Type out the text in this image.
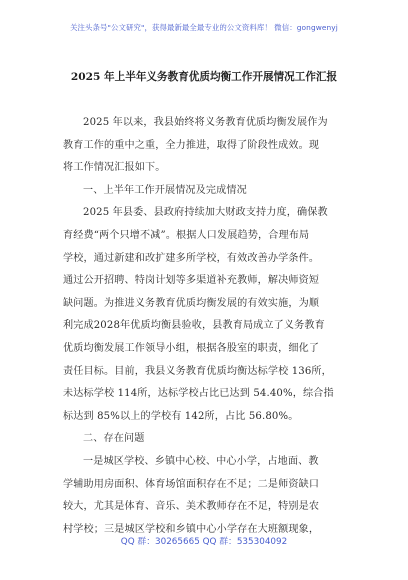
关注头条号"公文研究"，获得最新最全最专业的公文资料库！ 微信：gongwenyj
2025 年上半年义务教育优质均衡工作开展情况工作汇报
2025 年以来，我县始终将义务教育优质均衡发展作为
教育工作的重中之重，全力推进，取得了阶段性成效。现
将工作情况汇报如下。
一、上半年工作开展情况及完成情况
2025 年县委、县政府持续加大财政支持力度，确保教
育经费“两个只增不减”。根据人口发展趋势，合理布局
学校，通过新建和改扩建多所学校，有效改善办学条件。
通过公开招聘、特岗计划等多渠道补充教师，解决师资短
缺问题。为推进义务教育优质均衡发展的有效实施，为顺
利完成2028年优质均衡县验收，县教育局成立了义务教育
优质均衡发展工作领导小组，根据各股室的职责，细化了
责任目标。目前，我县义务教育优质均衡达标学校 136所，
未达标学校 114所，达标学校占比已达到 54.40%，综合指
标达到 85%以上的学校有 142所，占比 56.80%。
二、存在问题
一是城区学校、乡镇中心校、中心小学，占地面、教
学辅助用房面积、体育场馆面积存在不足；二是师资缺口
较大，尤其是体育、音乐、美术教师存在不足，特别是农
村学校；三是城区学校和乡镇中心小学存在大班额现象，
QQ 群：30265665 QQ 群：535304092
